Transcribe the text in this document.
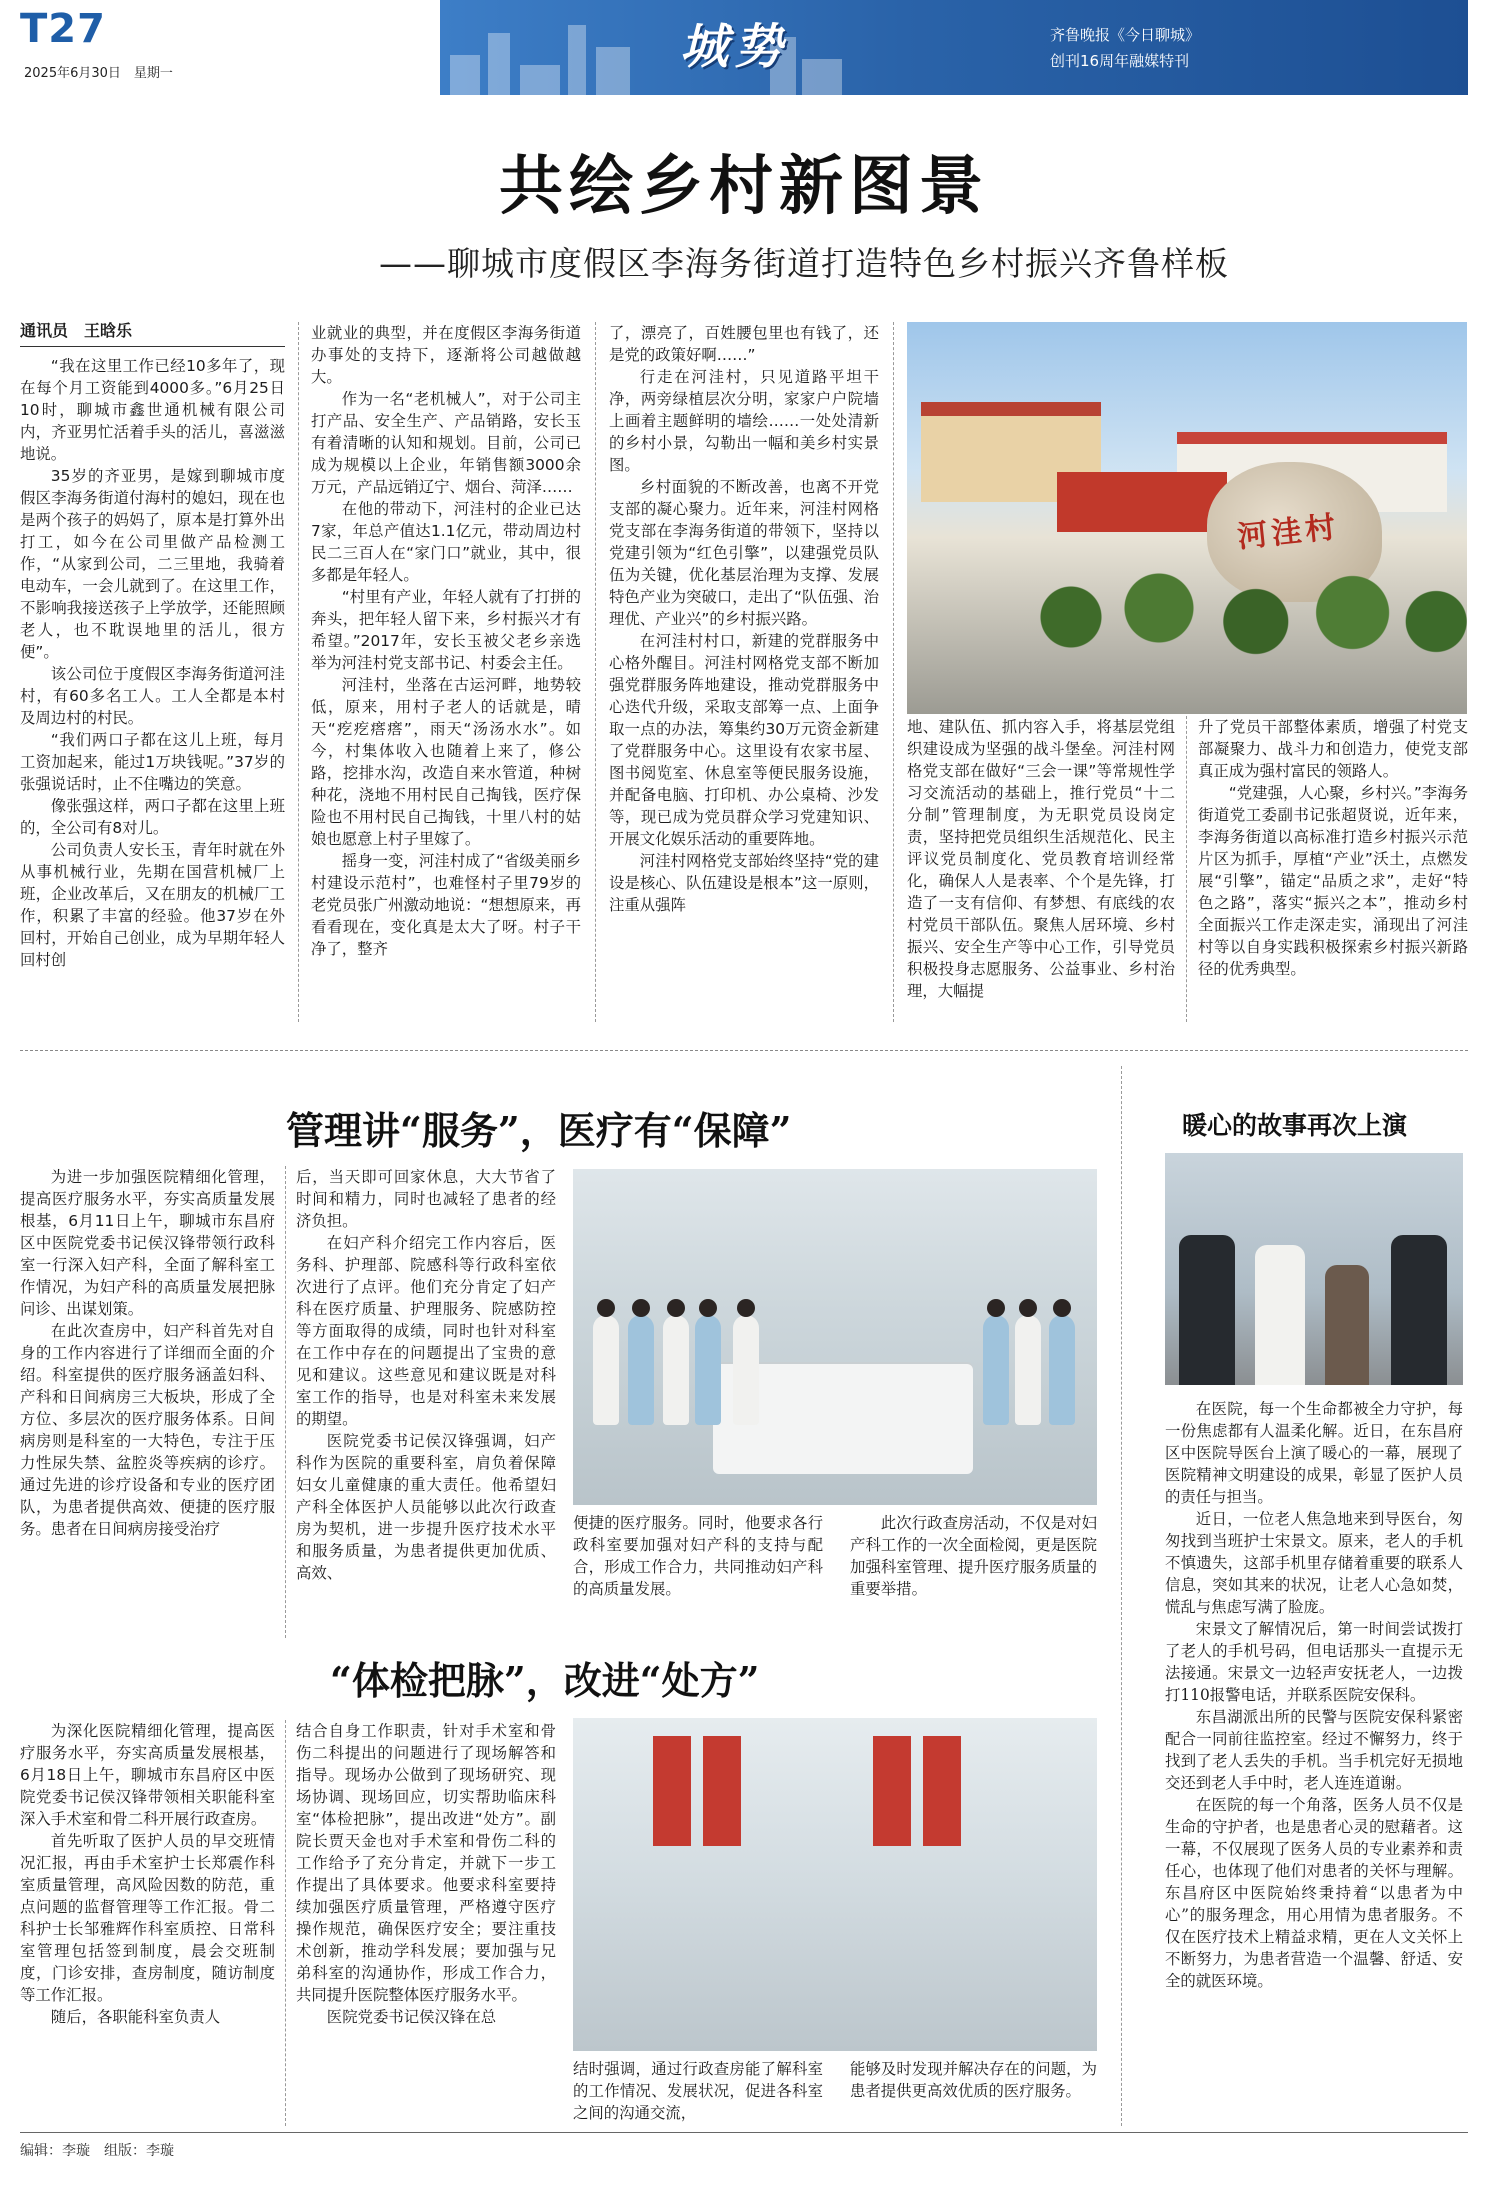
T27
2025年6月30日　星期一	城势	齐鲁晚报《今日聊城》
创刊16周年融媒特刊
共绘乡村新图景
——聊城市度假区李海务街道打造特色乡村振兴齐鲁样板
通讯员　王晗乐

“我在这里工作已经10多年了，现在每个月工资能到4000多。”6月25日10时，聊城市鑫世通机械有限公司内，齐亚男忙活着手头的活儿，喜滋滋地说。

35岁的齐亚男，是嫁到聊城市度假区李海务街道付海村的媳妇，现在也是两个孩子的妈妈了，原本是打算外出打工，如今在公司里做产品检测工作，“从家到公司，二三里地，我骑着电动车，一会儿就到了。在这里工作，不影响我接送孩子上学放学，还能照顾老人，也不耽误地里的活儿，很方便”。

该公司位于度假区李海务街道河洼村，有60多名工人。工人全都是本村及周边村的村民。

“我们两口子都在这儿上班，每月工资加起来，能过1万块钱呢。”37岁的张强说话时，止不住嘴边的笑意。

像张强这样，两口子都在这里上班的，全公司有8对儿。

公司负责人安长玉，青年时就在外从事机械行业，先期在国营机械厂上班，企业改革后，又在朋友的机械厂工作，积累了丰富的经验。他37岁在外回村，开始自己创业，成为早期年轻人回村创

业就业的典型，并在度假区李海务街道办事处的支持下，逐渐将公司越做越大。

作为一名“老机械人”，对于公司主打产品、安全生产、产品销路，安长玉有着清晰的认知和规划。目前，公司已成为规模以上企业，年销售额3000余万元，产品远销辽宁、烟台、菏泽……

在他的带动下，河洼村的企业已达7家，年总产值达1.1亿元，带动周边村民二三百人在“家门口”就业，其中，很多都是年轻人。

“村里有产业，年轻人就有了打拼的奔头，把年轻人留下来，乡村振兴才有希望。”2017年，安长玉被父老乡亲选举为河洼村党支部书记、村委会主任。

河洼村，坐落在古运河畔，地势较低，原来，用村子老人的话就是，晴天“疙疙瘩瘩”，雨天“汤汤水水”。如今，村集体收入也随着上来了，修公路，挖排水沟，改造自来水管道，种树种花，浇地不用村民自己掏钱，医疗保险也不用村民自己掏钱，十里八村的姑娘也愿意上村子里嫁了。

摇身一变，河洼村成了“省级美丽乡村建设示范村”，也难怪村子里79岁的老党员张广州激动地说：“想想原来，再看看现在，变化真是太大了呀。村子干净了，整齐

了，漂亮了，百姓腰包里也有钱了，还是党的政策好啊……”

行走在河洼村，只见道路平坦干净，两旁绿植层次分明，家家户户院墙上画着主题鲜明的墙绘……一处处清新的乡村小景，勾勒出一幅和美乡村实景图。

乡村面貌的不断改善，也离不开党支部的凝心聚力。近年来，河洼村网格党支部在李海务街道的带领下，坚持以党建引领为“红色引擎”，以建强党员队伍为关键，优化基层治理为支撑、发展特色产业为突破口，走出了“队伍强、治理优、产业兴”的乡村振兴路。

在河洼村村口，新建的党群服务中心格外醒目。河洼村网格党支部不断加强党群服务阵地建设，推动党群服务中心迭代升级，采取支部筹一点、上面争取一点的办法，筹集约30万元资金新建了党群服务中心。这里设有农家书屋、图书阅览室、休息室等便民服务设施，并配备电脑、打印机、办公桌椅、沙发等，现已成为党员群众学习党建知识、开展文化娱乐活动的重要阵地。

河洼村网格党支部始终坚持“党的建设是核心、队伍建设是根本”这一原则，注重从强阵

河洼村

地、建队伍、抓内容入手，将基层党组织建设成为坚强的战斗堡垒。河洼村网格党支部在做好“三会一课”等常规性学习交流活动的基础上，推行党员“十二分制”管理制度，为无职党员设岗定责，坚持把党员组织生活规范化、民主评议党员制度化、党员教育培训经常化，确保人人是表率、个个是先锋，打造了一支有信仰、有梦想、有底线的农村党员干部队伍。聚焦人居环境、乡村振兴、安全生产等中心工作，引导党员积极投身志愿服务、公益事业、乡村治理，大幅提

升了党员干部整体素质，增强了村党支部凝聚力、战斗力和创造力，使党支部真正成为强村富民的领路人。

“党建强，人心聚，乡村兴。”李海务街道党工委副书记张超贤说，近年来，李海务街道以高标准打造乡村振兴示范片区为抓手，厚植“产业”沃土，点燃发展“引擎”，锚定“品质之求”，走好“特色之路”，落实“振兴之本”，推动乡村全面振兴工作走深走实，涌现出了河洼村等以自身实践积极探索乡村振兴新路径的优秀典型。

管理讲“服务”，医疗有“保障”

为进一步加强医院精细化管理，提高医疗服务水平，夯实高质量发展根基，6月11日上午，聊城市东昌府区中医院党委书记侯汉锋带领行政科室一行深入妇产科，全面了解科室工作情况，为妇产科的高质量发展把脉问诊、出谋划策。

在此次查房中，妇产科首先对自身的工作内容进行了详细而全面的介绍。科室提供的医疗服务涵盖妇科、产科和日间病房三大板块，形成了全方位、多层次的医疗服务体系。日间病房则是科室的一大特色，专注于压力性尿失禁、盆腔炎等疾病的诊疗。通过先进的诊疗设备和专业的医疗团队，为患者提供高效、便捷的医疗服务。患者在日间病房接受治疗

后，当天即可回家休息，大大节省了时间和精力，同时也减轻了患者的经济负担。

在妇产科介绍完工作内容后，医务科、护理部、院感科等行政科室依次进行了点评。他们充分肯定了妇产科在医疗质量、护理服务、院感防控等方面取得的成绩，同时也针对科室在工作中存在的问题提出了宝贵的意见和建议。这些意见和建议既是对科室工作的指导，也是对科室未来发展的期望。

医院党委书记侯汉锋强调，妇产科作为医院的重要科室，肩负着保障妇女儿童健康的重大责任。他希望妇产科全体医护人员能够以此次行政查房为契机，进一步提升医疗技术水平和服务质量，为患者提供更加优质、高效、

便捷的医疗服务。同时，他要求各行政科室要加强对妇产科的支持与配合，形成工作合力，共同推动妇产科的高质量发展。

此次行政查房活动，不仅是对妇产科工作的一次全面检阅，更是医院加强科室管理、提升医疗服务质量的重要举措。

“体检把脉”，改进“处方”

为深化医院精细化管理，提高医疗服务水平，夯实高质量发展根基，6月18日上午，聊城市东昌府区中医院党委书记侯汉锋带领相关职能科室深入手术室和骨二科开展行政查房。

首先听取了医护人员的早交班情况汇报，再由手术室护士长郑震作科室质量管理，高风险因数的防范，重点问题的监督管理等工作汇报。骨二科护士长邹雅辉作科室质控、日常科室管理包括签到制度，晨会交班制度，门诊安排，查房制度，随访制度等工作汇报。

随后，各职能科室负责人

结合自身工作职责，针对手术室和骨伤二科提出的问题进行了现场解答和指导。现场办公做到了现场研究、现场协调、现场回应，切实帮助临床科室“体检把脉”，提出改进“处方”。副院长贾天金也对手术室和骨伤二科的工作给予了充分肯定，并就下一步工作提出了具体要求。他要求科室要持续加强医疗质量管理，严格遵守医疗操作规范，确保医疗安全；要注重技术创新，推动学科发展；要加强与兄弟科室的沟通协作，形成工作合力，共同提升医院整体医疗服务水平。

医院党委书记侯汉锋在总

结时强调，通过行政查房能了解科室的工作情况、发展状况，促进各科室之间的沟通交流，

能够及时发现并解决存在的问题，为患者提供更高效优质的医疗服务。

暖心的故事再次上演

在医院，每一个生命都被全力守护，每一份焦虑都有人温柔化解。近日，在东昌府区中医院导医台上演了暖心的一幕，展现了医院精神文明建设的成果，彰显了医护人员的责任与担当。

近日，一位老人焦急地来到导医台，匆匆找到当班护士宋景文。原来，老人的手机不慎遗失，这部手机里存储着重要的联系人信息，突如其来的状况，让老人心急如焚，慌乱与焦虑写满了脸庞。

宋景文了解情况后，第一时间尝试拨打了老人的手机号码，但电话那头一直提示无法接通。宋景文一边轻声安抚老人，一边拨打110报警电话，并联系医院安保科。

东昌湖派出所的民警与医院安保科紧密配合一同前往监控室。经过不懈努力，终于找到了老人丢失的手机。当手机完好无损地交还到老人手中时，老人连连道谢。

在医院的每一个角落，医务人员不仅是生命的守护者，也是患者心灵的慰藉者。这一幕，不仅展现了医务人员的专业素养和责任心，也体现了他们对患者的关怀与理解。东昌府区中医院始终秉持着“以患者为中心”的服务理念，用心用情为患者服务。不仅在医疗技术上精益求精，更在人文关怀上不断努力，为患者营造一个温馨、舒适、安全的就医环境。

编辑：李璇　组版：李璇
